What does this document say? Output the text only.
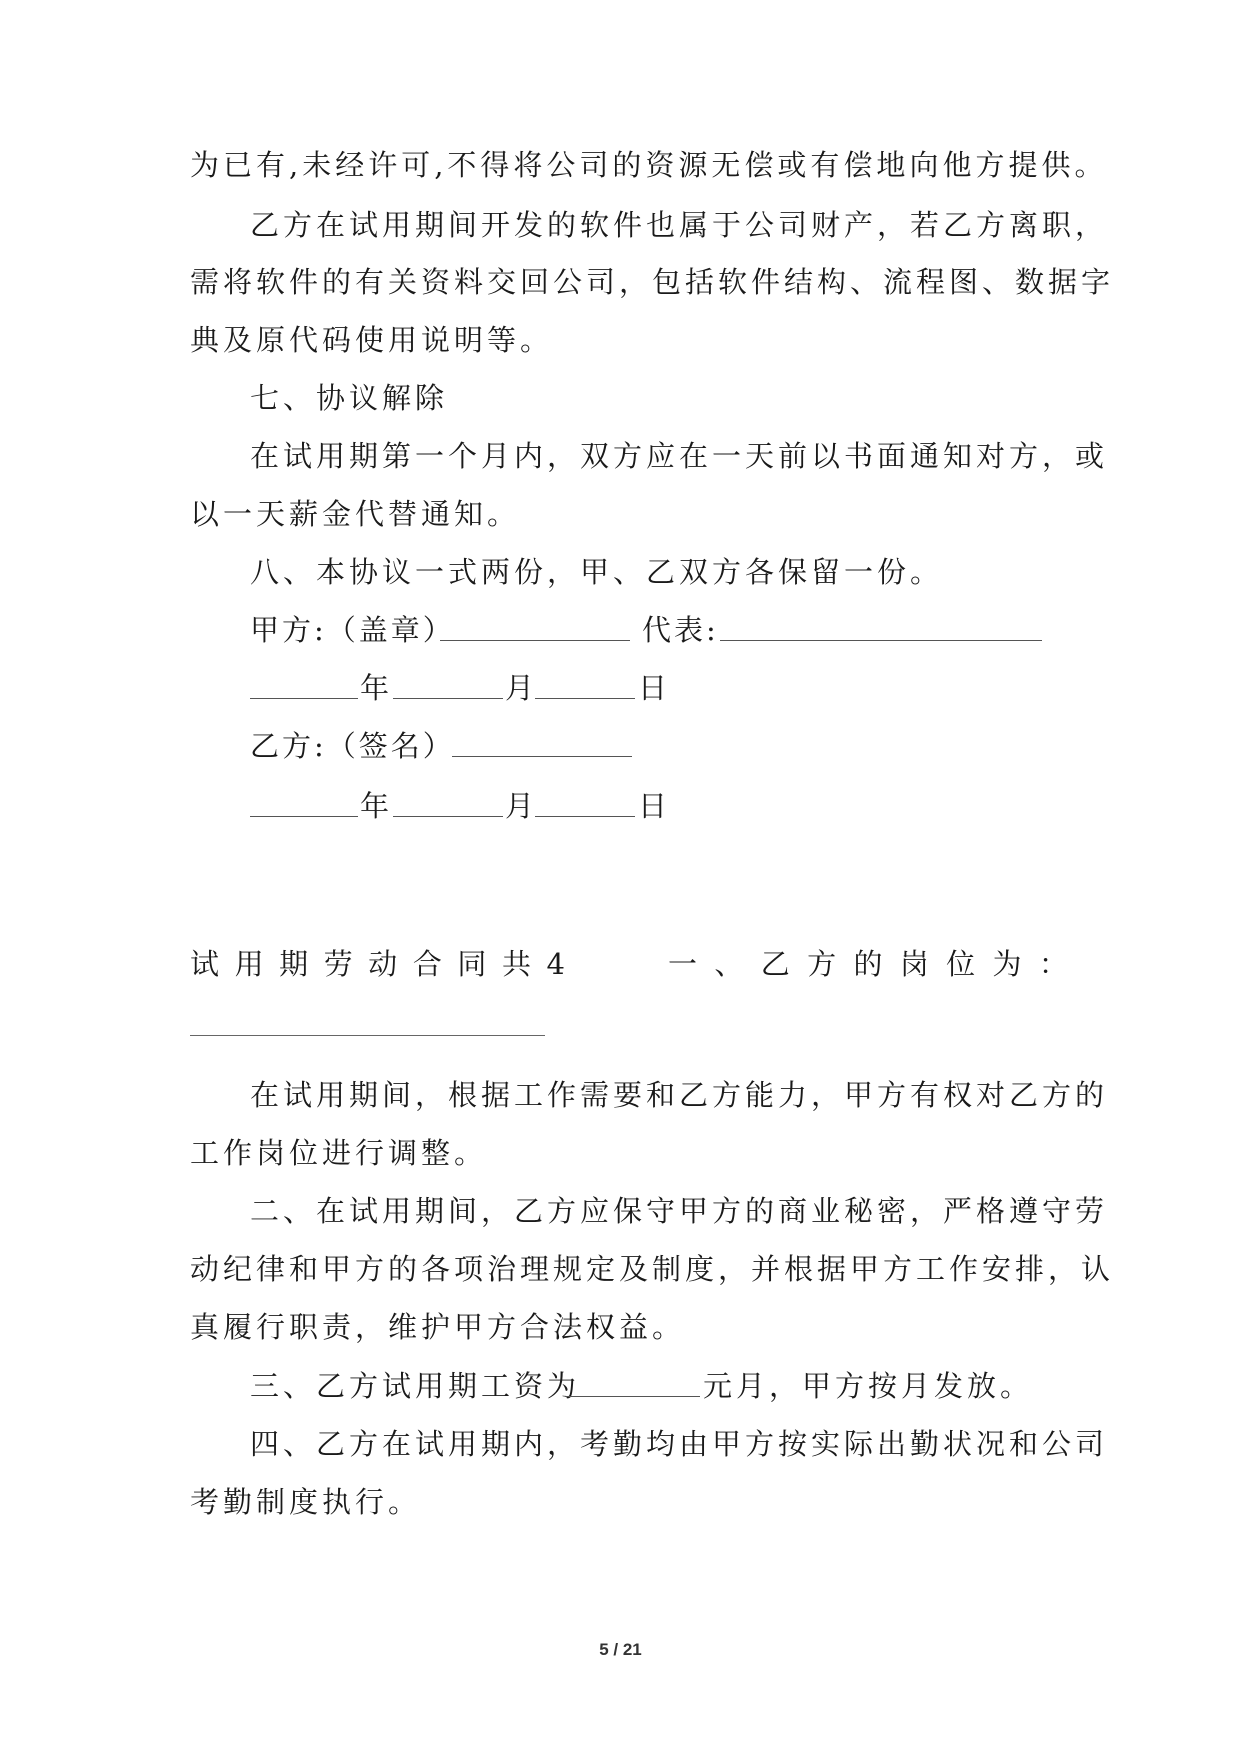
为已有,未经许可,不得将公司的资源无偿或有偿地向他方提供。
乙方在试用期间开发的软件也属于公司财产，若乙方离职，
需将软件的有关资料交回公司，包括软件结构、流程图、数据字
典及原代码使用说明等。
七、协议解除
在试用期第一个月内，双方应在一天前以书面通知对方，或
以一天薪金代替通知。
八、本协议一式两份，甲、乙双方各保留一份。
甲方:（盖章）	代表:
年	月	日
乙方:（签名）
年	月	日
试 用 期 劳 动 合 同 共 4	一 、 乙 方 的 岗 位 为 ：
在试用期间，根据工作需要和乙方能力，甲方有权对乙方的
工作岗位进行调整。
二、在试用期间，乙方应保守甲方的商业秘密，严格遵守劳
动纪律和甲方的各项治理规定及制度，并根据甲方工作安排，认
真履行职责，维护甲方合法权益。
三、乙方试用期工资为	元月，甲方按月发放。
四、乙方在试用期内，考勤均由甲方按实际出勤状况和公司
考勤制度执行。
5 / 21
